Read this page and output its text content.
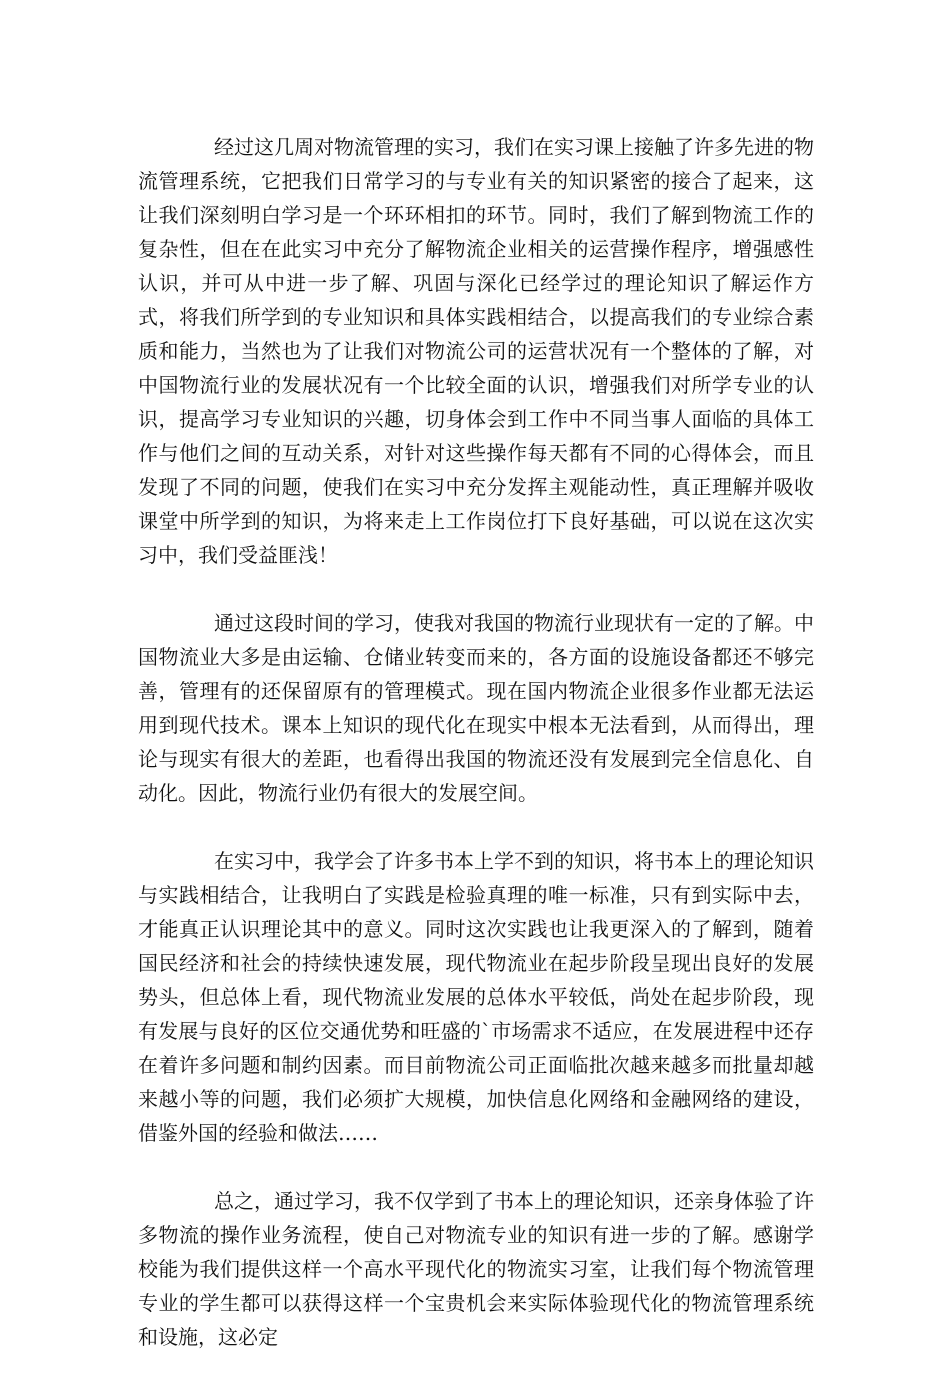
经过这几周对物流管理的实习，我们在实习课上接触了许多先进的物流管理系统，它把我们日常学习的与专业有关的知识紧密的接合了起来，这让我们深刻明白学习是一个环环相扣的环节。同时，我们了解到物流工作的复杂性，但在在此实习中充分了解物流企业相关的运营操作程序，增强感性认识，并可从中进一步了解、巩固与深化已经学过的理论知识了解运作方式，将我们所学到的专业知识和具体实践相结合，以提高我们的专业综合素质和能力，当然也为了让我们对物流公司的运营状况有一个整体的了解，对中国物流行业的发展状况有一个比较全面的认识，增强我们对所学专业的认识，提高学习专业知识的兴趣，切身体会到工作中不同当事人面临的具体工作与他们之间的互动关系，对针对这些操作每天都有不同的心得体会，而且发现了不同的问题，使我们在实习中充分发挥主观能动性，真正理解并吸收课堂中所学到的知识，为将来走上工作岗位打下良好基础，可以说在这次实习中，我们受益匪浅！

通过这段时间的学习，使我对我国的物流行业现状有一定的了解。中国物流业大多是由运输、仓储业转变而来的，各方面的设施设备都还不够完善，管理有的还保留原有的管理模式。现在国内物流企业很多作业都无法运用到现代技术。课本上知识的现代化在现实中根本无法看到，从而得出，理论与现实有很大的差距，也看得出我国的物流还没有发展到完全信息化、自动化。因此，物流行业仍有很大的发展空间。

在实习中，我学会了许多书本上学不到的知识，将书本上的理论知识与实践相结合，让我明白了实践是检验真理的唯一标准，只有到实际中去，才能真正认识理论其中的意义。同时这次实践也让我更深入的了解到，随着国民经济和社会的持续快速发展，现代物流业在起步阶段呈现出良好的发展势头，但总体上看，现代物流业发展的总体水平较低，尚处在起步阶段，现有发展与良好的区位交通优势和旺盛的`市场需求不适应，在发展进程中还存在着许多问题和制约因素。而目前物流公司正面临批次越来越多而批量却越来越小等的问题，我们必须扩大规模，加快信息化网络和金融网络的建设，借鉴外国的经验和做法……

总之，通过学习，我不仅学到了书本上的理论知识，还亲身体验了许多物流的操作业务流程，使自己对物流专业的知识有进一步的了解。感谢学校能为我们提供这样一个高水平现代化的物流实习室，让我们每个物流管理专业的学生都可以获得这样一个宝贵机会来实际体验现代化的物流管理系统和设施，这必定
